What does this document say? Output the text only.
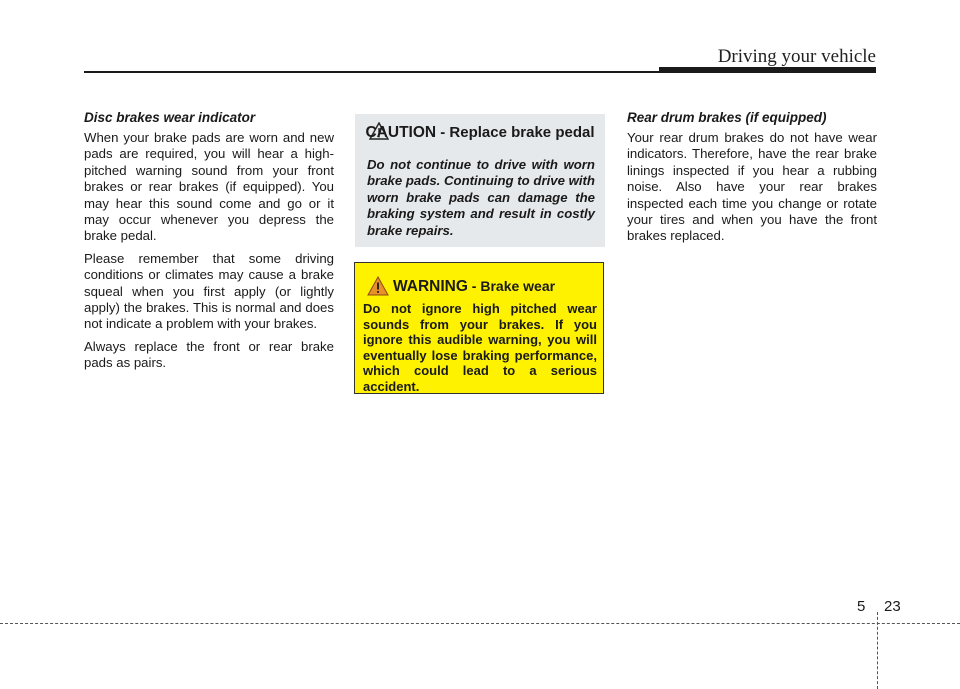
Driving your vehicle

Disc brakes wear indicator

When your brake pads are worn and new pads are required, you will hear a high-pitched warning sound from your front brakes or rear brakes (if equipped). You may hear this sound come and go or it may occur whenever you depress the brake pedal.

Please remember that some driving conditions or climates may cause a brake squeal when you first apply (or lightly apply) the brakes. This is normal and does not indicate a problem with your brakes.

Always replace the front or rear brake pads as pairs.

CAUTION - Replace brake pedal
Do not continue to drive with worn brake pads. Continuing to drive with worn brake pads can damage the braking system and result in costly brake repairs.
WARNING - Brake wear
Do not ignore high pitched wear sounds from your brakes. If you ignore this audible warning, you will eventually lose braking performance, which could lead to a serious accident.

Rear drum brakes (if equipped)

Your rear drum brakes do not have wear indicators. Therefore, have the rear brake linings inspected if you hear a rubbing noise. Also have your rear brakes inspected each time you change or rotate your tires and when you have the front brakes replaced.

5 23
